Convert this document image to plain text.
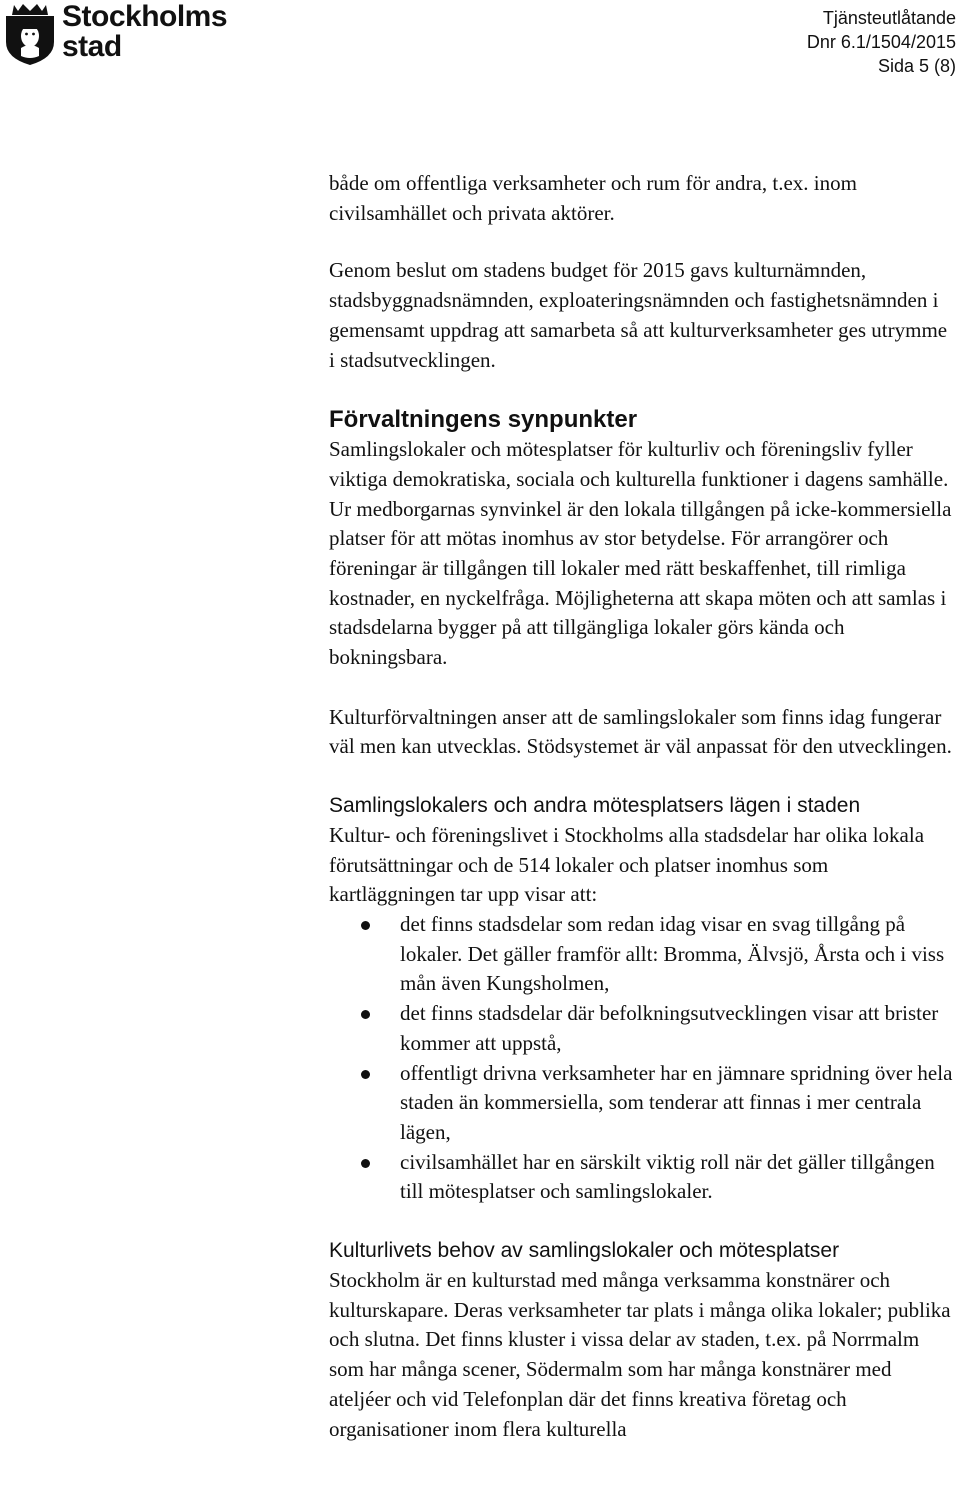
Stockholms
stad
Tjänsteutlåtande
Dnr 6.1/1504/2015
Sida 5 (8)

både om offentliga verksamheter och rum för andra, t.ex. inom civilsamhället och privata aktörer.

Genom beslut om stadens budget för 2015 gavs kulturnämnden, stadsbyggnadsnämnden, exploateringsnämnden och fastighetsnämnden i gemensamt uppdrag att samarbeta så att kulturverksamheter ges utrymme i stadsutvecklingen.

Förvaltningens synpunkter

Samlingslokaler och mötesplatser för kulturliv och föreningsliv fyller viktiga demokratiska, sociala och kulturella funktioner i dagens samhälle. Ur medborgarnas synvinkel är den lokala tillgången på icke-kommersiella platser för att mötas inomhus av stor betydelse. För arrangörer och föreningar är tillgången till lokaler med rätt beskaffenhet, till rimliga kostnader, en nyckelfråga. Möjligheterna att skapa möten och att samlas i stadsdelarna bygger på att tillgängliga lokaler görs kända och bokningsbara.

Kulturförvaltningen anser att de samlingslokaler som finns idag fungerar väl men kan utvecklas. Stödsystemet är väl anpassat för den utvecklingen.

Samlingslokalers och andra mötesplatsers lägen i staden

Kultur- och föreningslivet i Stockholms alla stadsdelar har olika lokala förutsättningar och de 514 lokaler och platser inomhus som kartläggningen tar upp visar att:

det finns stadsdelar som redan idag visar en svag tillgång på lokaler. Det gäller framför allt: Bromma, Älvsjö, Årsta och i viss mån även Kungsholmen,
det finns stadsdelar där befolkningsutvecklingen visar att brister kommer att uppstå,
offentligt drivna verksamheter har en jämnare spridning över hela staden än kommersiella, som tenderar att finnas i mer centrala lägen,
civilsamhället har en särskilt viktig roll när det gäller tillgången till mötesplatser och samlingslokaler.
Kulturlivets behov av samlingslokaler och mötesplatser

Stockholm är en kulturstad med många verksamma konstnärer och kulturskapare. Deras verksamheter tar plats i många olika lokaler; publika och slutna. Det finns kluster i vissa delar av staden, t.ex. på Norrmalm som har många scener, Södermalm som har många konstnärer med ateljéer och vid Telefonplan där det finns kreativa företag och organisationer inom flera kulturella
